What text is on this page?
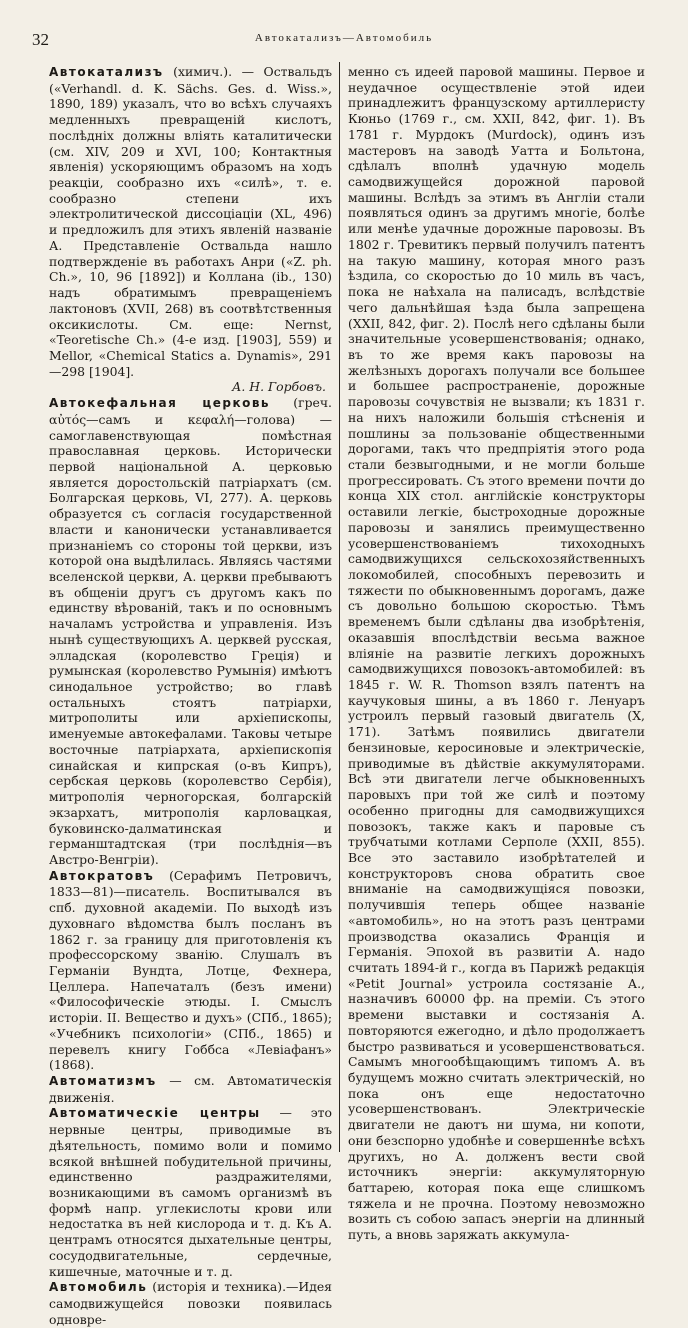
32	Автокатализъ—Автомобиль

Автокатализъ (химич.). — Оствальдъ («Verhandl. d. K. Sächs. Ges. d. Wiss.», 1890, 189) указалъ, что во всѣхъ случаяхъ медленныхъ превращеній кислотъ, послѣдніх должны вліять каталитически (см. XIV, 209 и XVI, 100; Контактныя явленія) ускоряющимъ образомъ на ходъ реакціи, сообразно ихъ «силѣ», т. е. сообразно степени ихъ электролитической диссоціаціи (XL, 496) и предложилъ для этихъ явленій названіе А. Представленіе Оствальда нашло подтвержденіе въ работахъ Анри («Z. ph. Ch.», 10, 96 [1892]) и Коллана (ib., 130) надъ обратимымъ превращеніемъ лактоновъ (XVII, 268) въ соотвѣтственныя оксикислоты. См. еще: Nernst, «Teoretische Ch.» (4-е изд. [1903], 559) и Mellor, «Chemical Statics a. Dynamis», 291—298 [1904].

А. Н. Горбовъ.

Автокефальная церковь (греч. αὐτός—самъ и κεφαλή—голова) — самоглавенствующая помѣстная православная церковь. Исторически первой національной А. церковью является доростольскій патріархатъ (см. Болгарская церковь, VI, 277). А. церковь образуется съ согласія государственной власти и канонически устанавливается признаніемъ со стороны той церкви, изъ которой она выдѣлилась. Являясь частями вселенской церкви, А. церкви пребываютъ въ общеніи другъ съ другомъ какъ по единству вѣрованій, такъ и по основнымъ началамъ устройства и управленія. Изъ нынѣ существующихъ А. церквей русская, элладская (королевство Греція) и румынская (королевство Румынія) имѣютъ синодальное устройство; во главѣ остальныхъ стоятъ патріархи, митрополиты или архіепископы, именуемые автокефалами. Таковы четыре восточные патріархата, архіепископія синайская и кипрская (о-въ Кипръ), сербская церковь (королевство Сербія), митрополія черногорская, болгарскій экзархатъ, митрополія карловацкая, буковинско-далматинская и германштадтская (три послѣднія—въ Австро-Венгріи).

Автократовъ (Серафимъ Петровичъ, 1833—81)—писатель. Воспитывался въ спб. духовной академіи. По выходѣ изъ духовнаго вѣдомства былъ посланъ въ 1862 г. за границу для приготовленія къ профессорскому званію. Слушалъ въ Германіи Вундта, Лотце, Фехнера, Целлера. Напечаталъ (безъ имени) «Философическіе этюды. I. Смыслъ исторіи. II. Вещество и духъ» (СПб., 1865); «Учебникъ психологіи» (СПб., 1865) и перевелъ книгу Гоббса «Левіафанъ» (1868).

Автоматизмъ — см. Автоматическія движенія.

Автоматическіе центры — это нервные центры, приводимые въ дѣятельность, помимо воли и помимо всякой внѣшней побудительной причины, единственно раздражителями, возникающими въ самомъ организмѣ въ формѣ напр. углекислоты крови или недостатка въ ней кислорода и т. д. Къ А. центрамъ относятся дыхательные центры, сосудодвигательные, сердечные, кишечные, маточные и т. д.

Автомобиль (исторія и техника).—Идея самодвижущейся повозки появилась одновре-

менно съ идеей паровой машины. Первое и неудачное осуществленіе этой идеи принадлежитъ французскому артиллеристу Кюньо (1769 г., см. XXII, 842, фиг. 1). Въ 1781 г. Мурдокъ (Murdock), одинъ изъ мастеровъ на заводѣ Уатта и Больтона, сдѣлалъ вполнѣ удачную модель самодвижущейся дорожной паровой машины. Вслѣдъ за этимъ въ Англіи стали появляться одинъ за другимъ многіе, болѣе или менѣе удачные дорожные паровозы. Въ 1802 г. Тревитикъ первый получилъ патентъ на такую машину, которая много разъ ѣздила, со скоростью до 10 миль въ часъ, пока не наѣхала на палисадъ, вслѣдствіе чего дальнѣйшая ѣзда была запрещена (XXII, 842, фиг. 2). Послѣ него сдѣланы были значительные усовершенствованія; однако, въ то же время какъ паровозы на желѣзныхъ дорогахъ получали все большее и большее распространеніе, дорожные паровозы сочувствія не вызвали; къ 1831 г. на нихъ наложили большія стѣсненія и пошлины за пользованіе общественными дорогами, такъ что предпріятія этого рода стали безвыгодными, и не могли больше прогрессировать. Съ этого времени почти до конца XIX стол. англійскіе конструкторы оставили легкіе, быстроходные дорожные паровозы и занялись преимущественно усовершенствованіемъ тихоходныхъ самодвижущихся сельскохозяйственныхъ локомобилей, способныхъ перевозить и тяжести по обыкновеннымъ дорогамъ, даже съ довольно большою скоростью. Тѣмъ временемъ были сдѣланы два изобрѣтенія, оказавшія впослѣдствіи весьма важное вліяніе на развитіе легкихъ дорожныхъ самодвижущихся повозокъ-автомобилей: въ 1845 г. W. R. Thomson взялъ патентъ на каучуковыя шины, а въ 1860 г. Ленуаръ устроилъ первый газовый двигатель (X, 171). Затѣмъ появились двигатели бензиновые, керосиновые и электрическіе, приводимые въ дѣйствіе аккумуляторами. Всѣ эти двигатели легче обыкновенныхъ паровыхъ при той же силѣ и поэтому особенно пригодны для самодвижущихся повозокъ, также какъ и паровые съ трубчатыми котлами Серполе (XXII, 855). Все это заставило изобрѣтателей и конструкторовъ снова обратить свое вниманіе на самодвижущіяся повозки, получившія теперь общее названіе «автомобиль», но на этотъ разъ центрами производства оказались Франція и Германія. Эпохой въ развитіи А. надо считать 1894-й г., когда въ Парижѣ редакція «Petit Journal» устроила состязаніе А., назначивъ 60000 фр. на преміи. Съ этого времени выставки и состязанія А. повторяются ежегодно, и дѣло продолжаетъ быстро развиваться и усовершенствоваться. Самымъ многообѣщающимъ типомъ А. въ будущемъ можно считать электрическій, но пока онъ еще недостаточно усовершенствованъ. Электрическіе двигатели не даютъ ни шума, ни копоти, они безспорно удобнѣе и совершеннѣе всѣхъ другихъ, но А. долженъ вести свой источникъ энергіи: аккумуляторную баттарею, которая пока еще слишкомъ тяжела и не прочна. Поэтому невозможно возить съ собою запасъ энергіи на длинный путь, а вновь заряжать аккумула-
